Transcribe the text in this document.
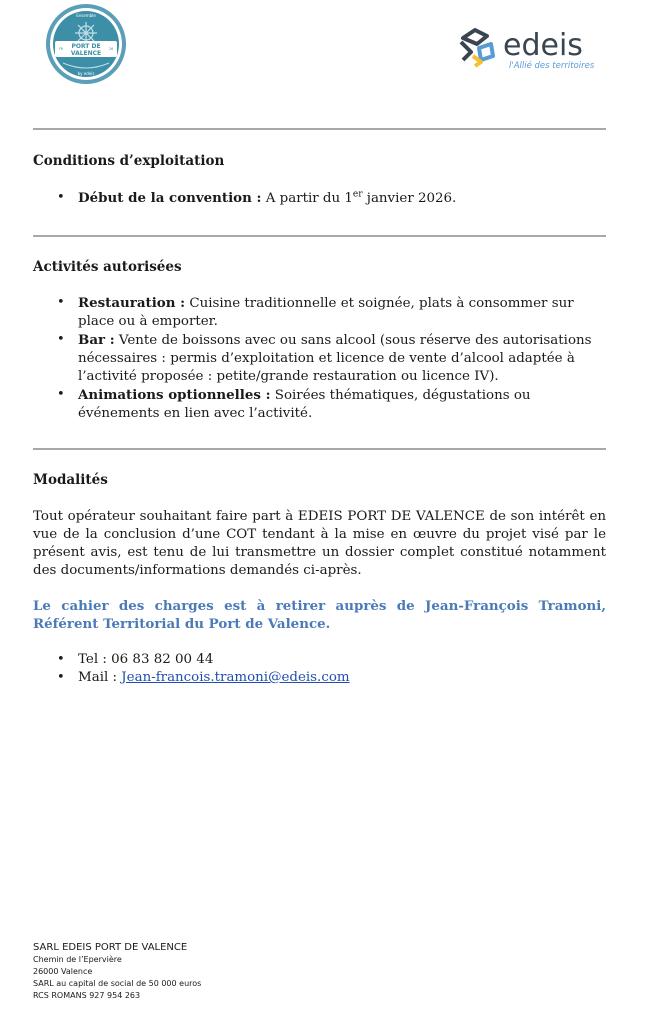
Ensemble
PORT DE
VALENCE
FR	26
by edeis
edeis
l'Allié des territoires
Conditions d’exploitation
• Début de la convention : A partir du 1er janvier 2026.
Activités autorisées
• Restauration : Cuisine traditionnelle et soignée, plats à consommer sur place ou à emporter.
• Bar : Vente de boissons avec ou sans alcool (sous réserve des autorisations nécessaires : permis d’exploitation et licence de vente d’alcool adaptée à l’activité proposée : petite/grande restauration ou licence IV).
• Animations optionnelles : Soirées thématiques, dégustations ou événements en lien avec l’activité.
Modalités
Tout opérateur souhaitant faire part à EDEIS PORT DE VALENCE de son intérêt en vue de la conclusion d’une COT tendant à la mise en œuvre du projet visé par le présent avis, est tenu de lui transmettre un dossier complet constitué notamment des documents/informations demandés ci-après.
Le cahier des charges est à retirer auprès de Jean-François Tramoni, Référent Territorial du Port de Valence.
• Tel : 06 83 82 00 44
• Mail : Jean-francois.tramoni@edeis.com
SARL EDEIS PORT DE VALENCE
Chemin de l’Epervière
26000 Valence
SARL au capital de social de 50 000 euros
RCS ROMANS 927 954 263
